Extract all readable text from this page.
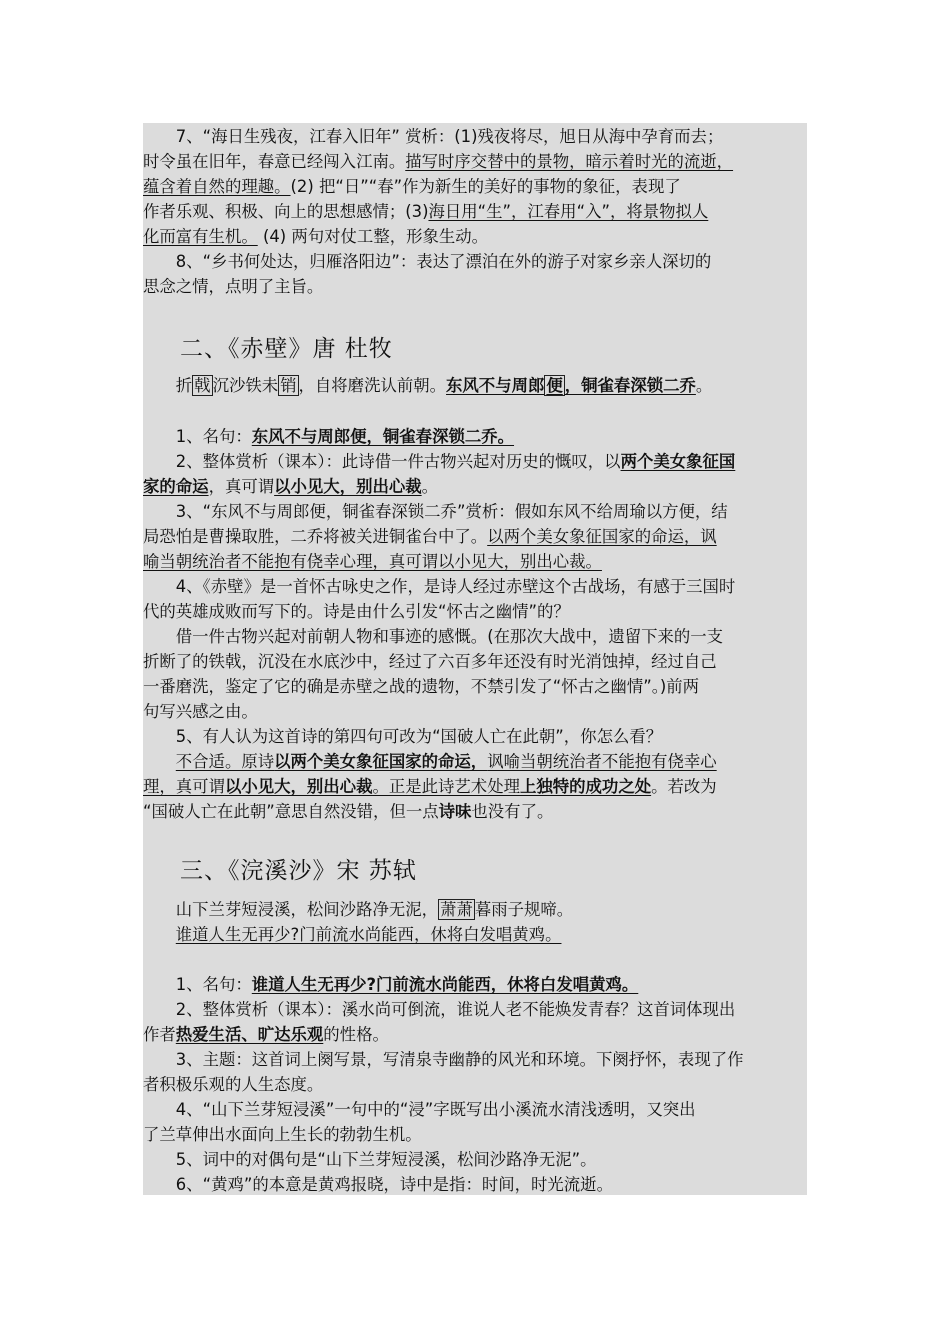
　　7、“海日生残夜，江春入旧年” 赏析：(1)残夜将尽，旭日从海中孕育而去；
时令虽在旧年，春意已经闯入江南。描写时序交替中的景物，暗示着时光的流逝，
蕴含着自然的理趣。(2) 把“日”“春”作为新生的美好的事物的象征，表现了
作者乐观、积极、向上的思想感情；(3)海日用“生”，江春用“入”，将景物拟人
化而富有生机。 (4) 两句对仗工整，形象生动。
　　8、“乡书何处达，归雁洛阳边”：表达了漂泊在外的游子对家乡亲人深切的
思念之情，点明了主旨。
二、《赤壁》唐 杜牧
　　折 戟 沉沙铁未 销 ，自将磨洗认前朝。东风不与周郎 便 ，铜雀春深锁二乔。
　　1、名句：东风不与周郎便，铜雀春深锁二乔。
　　2、整体赏析（课本）：此诗借一件古物兴起对历史的慨叹，以两个美女象征国
家的命运，真可谓以小见大，别出心裁。
　　3、“东风不与周郎便，铜雀春深锁二乔”赏析：假如东风不给周瑜以方便，结
局恐怕是曹操取胜，二乔将被关进铜雀台中了。以两个美女象征国家的命运，讽
喻当朝统治者不能抱有侥幸心理，真可谓以小见大，别出心裁。
　　4、《赤壁》是一首怀古咏史之作，是诗人经过赤壁这个古战场，有感于三国时
代的英雄成败而写下的。诗是由什么引发“怀古之幽情”的？
　　借一件古物兴起对前朝人物和事迹的感慨。(在那次大战中，遗留下来的一支
折断了的铁戟，沉没在水底沙中，经过了六百多年还没有时光消蚀掉，经过自己
一番磨洗，鉴定了它的确是赤壁之战的遗物，不禁引发了“怀古之幽情”。)前两
句写兴感之由。
　　5、有人认为这首诗的第四句可改为“国破人亡在此朝”，你怎么看？
　　不合适。原诗以两个美女象征国家的命运，讽喻当朝统治者不能抱有侥幸心
理，真可谓以小见大，别出心裁。正是此诗艺术处理上独特的成功之处。若改为
“国破人亡在此朝”意思自然没错，但一点诗味也没有了。
三、《浣溪沙》宋 苏轼
　　山下兰芽短浸溪，松间沙路净无泥， 萧萧 暮雨子规啼。
　　谁道人生无再少?门前流水尚能西，休将白发唱黄鸡。
　　1、名句：谁道人生无再少?门前流水尚能西，休将白发唱黄鸡。
　　2、整体赏析（课本）：溪水尚可倒流，谁说人老不能焕发青春？这首词体现出
作者热爱生活、旷达乐观的性格。
　　3、主题：这首词上阕写景，写清泉寺幽静的风光和环境。下阕抒怀，表现了作
者积极乐观的人生态度。
　　4、“山下兰芽短浸溪”一句中的“浸”字既写出小溪流水清浅透明，又突出
了兰草伸出水面向上生长的勃勃生机。
　　5、词中的对偶句是“山下兰芽短浸溪，松间沙路净无泥”。
　　6、“黄鸡”的本意是黄鸡报晓，诗中是指：时间，时光流逝。
